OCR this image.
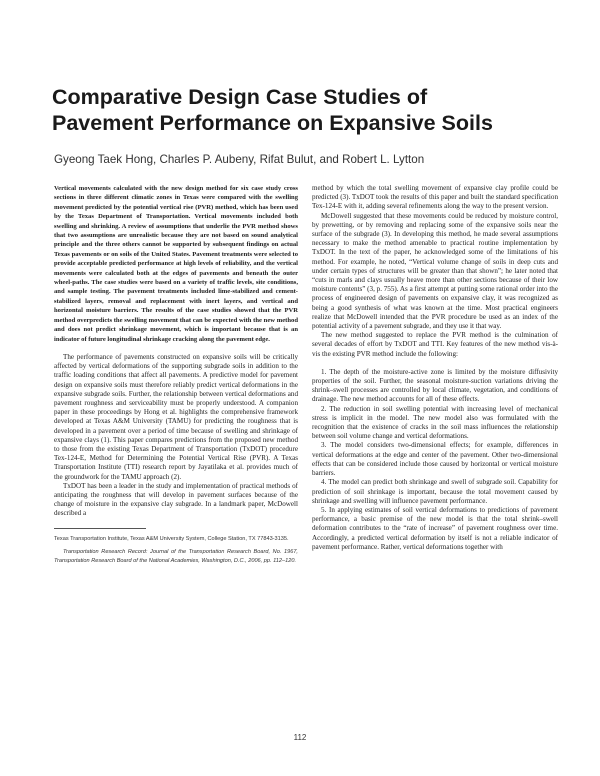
Comparative Design Case Studies of
Pavement Performance on Expansive Soils
Gyeong Taek Hong, Charles P. Aubeny, Rifat Bulut, and Robert L. Lytton

Vertical movements calculated with the new design method for six case study cross sections in three different climatic zones in Texas were compared with the swelling movement predicted by the potential vertical rise (PVR) method, which has been used by the Texas Department of Transportation. Vertical movements included both swelling and shrinking. A review of assumptions that underlie the PVR method shows that two assumptions are unrealistic because they are not based on sound analytical principle and the three others cannot be supported by subsequent findings on actual Texas pavements or on soils of the United States. Pavement treatments were selected to provide acceptable predicted performance at high levels of reliability, and the vertical movements were calculated both at the edges of pavements and beneath the outer wheel-paths. The case studies were based on a variety of traffic levels, site conditions, and sample testing. The pavement treatments included lime-stabilized and cement-stabilized layers, removal and replacement with inert layers, and vertical and horizontal moisture barriers. The results of the case studies showed that the PVR method overpredicts the swelling movement that can be expected with the new method and does not predict shrinkage movement, which is important because that is an indicator of future longitudinal shrinkage cracking along the pavement edge.

The performance of pavements constructed on expansive soils will be critically affected by vertical deformations of the supporting subgrade soils in addition to the traffic loading conditions that affect all pavements. A predictive model for pavement design on expansive soils must therefore reliably predict vertical deformations in the expansive subgrade soils. Further, the relationship between vertical deformations and pavement roughness and serviceability must be properly understood. A companion paper in these proceedings by Hong et al. highlights the comprehensive framework developed at Texas A&M University (TAMU) for predicting the roughness that is developed in a pavement over a period of time because of swelling and shrinkage of expansive clays (1). This paper compares predictions from the proposed new method to those from the existing Texas Department of Transportation (TxDOT) procedure Tex-124-E, Method for Determining the Potential Vertical Rise (PVR). A Texas Transportation Institute (TTI) research report by Jayatilaka et al. provides much of the groundwork for the TAMU approach (2).

TxDOT has been a leader in the study and implementation of practical methods of anticipating the roughness that will develop in pavement surfaces because of the change of moisture in the expansive clay subgrade. In a landmark paper, McDowell described a

Texas Transportation Institute, Texas A&M University System, College Station, TX 77843-3135.

Transportation Research Record: Journal of the Transportation Research Board, No. 1967, Transportation Research Board of the National Academies, Washington, D.C., 2006, pp. 112–120.

method by which the total swelling movement of expansive clay profile could be predicted (3). TxDOT took the results of this paper and built the standard specification Tex-124-E with it, adding several refinements along the way to the present version.

McDowell suggested that these movements could be reduced by moisture control, by prewetting, or by removing and replacing some of the expansive soils near the surface of the subgrade (3). In developing this method, he made several assumptions necessary to make the method amenable to practical routine implementation by TxDOT. In the text of the paper, he acknowledged some of the limitations of his method. For example, he noted, “Vertical volume change of soils in deep cuts and under certain types of structures will be greater than that shown”; he later noted that “cuts in marls and clays usually heave more than other sections because of their low moisture contents” (3, p. 755). As a first attempt at putting some rational order into the process of engineered design of pavements on expansive clay, it was recognized as being a good synthesis of what was known at the time. Most practical engineers realize that McDowell intended that the PVR procedure be used as an index of the potential activity of a pavement subgrade, and they use it that way.

The new method suggested to replace the PVR method is the culmination of several decades of effort by TxDOT and TTI. Key features of the new method vis-à-vis the existing PVR method include the following:

1. The depth of the moisture-active zone is limited by the moisture diffusivity properties of the soil. Further, the seasonal moisture-suction variations driving the shrink–swell processes are controlled by local climate, vegetation, and conditions of drainage. The new method accounts for all of these effects.

2. The reduction in soil swelling potential with increasing level of mechanical stress is implicit in the model. The new model also was formulated with the recognition that the existence of cracks in the soil mass influences the relationship between soil volume change and vertical deformations.

3. The model considers two-dimensional effects; for example, differences in vertical deformations at the edge and center of the pavement. Other two-dimensional effects that can be considered include those caused by horizontal or vertical moisture barriers.

4. The model can predict both shrinkage and swell of subgrade soil. Capability for prediction of soil shrinkage is important, because the total movement caused by shrinkage and swelling will influence pavement performance.

5. In applying estimates of soil vertical deformations to predictions of pavement performance, a basic premise of the new model is that the total shrink–swell deformation contributes to the “rate of increase” of pavement roughness over time. Accordingly, a predicted vertical deformation by itself is not a reliable indicator of pavement performance. Rather, vertical deformations together with

112
